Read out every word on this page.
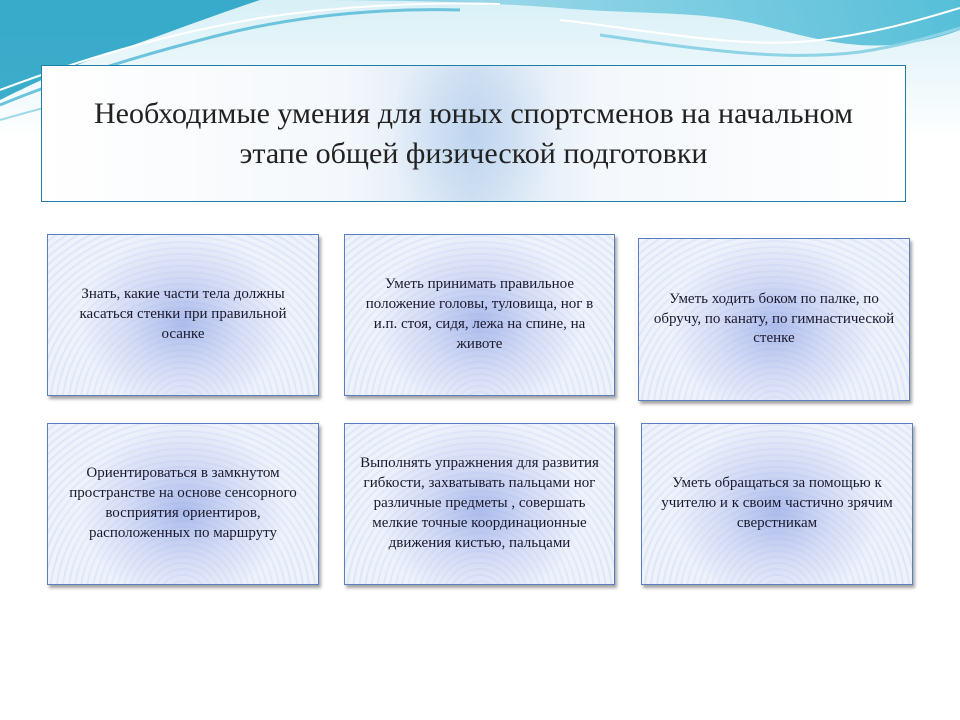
Необходимые умения для юных спортсменов на начальном этапе общей физической подготовки
Знать, какие части тела должны касаться стенки при правильной осанке
Уметь принимать правильное положение головы, туловища, ног в и.п. стоя, сидя, лежа на спине, на животе
Уметь ходить боком по палке, по обручу, по канату, по гимнастической стенке
Ориентироваться в замкнутом пространстве на основе сенсорного восприятия ориентиров, расположенных по маршруту
Выполнять упражнения для развития гибкости, захватывать пальцами ног различные предметы , совершать мелкие точные координационные движения кистью, пальцами
Уметь обращаться за помощью к учителю и к своим частично зрячим сверстникам
